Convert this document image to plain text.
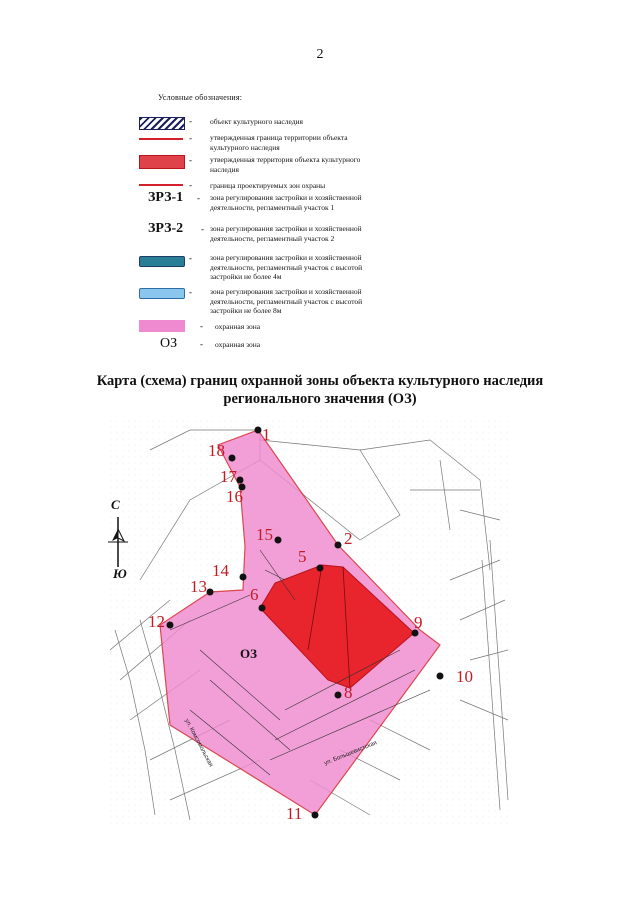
2
Условные обозначения:
- объект культурного наследия
- утвержденная граница территории объекта культурного наследия
- утвержденная территория объекта культурного наследия
- граница проектируемых зон охраны
ЗРЗ-1 - зона регулирования застройки и хозяйственной деятельности, регламентный участок 1
ЗРЗ-2 - зона регулирования застройки и хозяйственной деятельности, регламентный участок 2
- зона регулирования застройки и хозяйственной деятельности, регламентный участок с высотой застройки не более 4м
- зона регулирования застройки и хозяйственной деятельности, регламентный участок с высотой застройки не более 8м
- охранная зона
ОЗ	- охранная зона
Карта (схема) границ охранной зоны объекта культурного наследия
регионального значения (ОЗ)
С
Ю
ул. Комсомольская	ул. Большевистская
ОЗ
1
2
5
6
8
9
10
11
12
13
14
15
16
17
18
